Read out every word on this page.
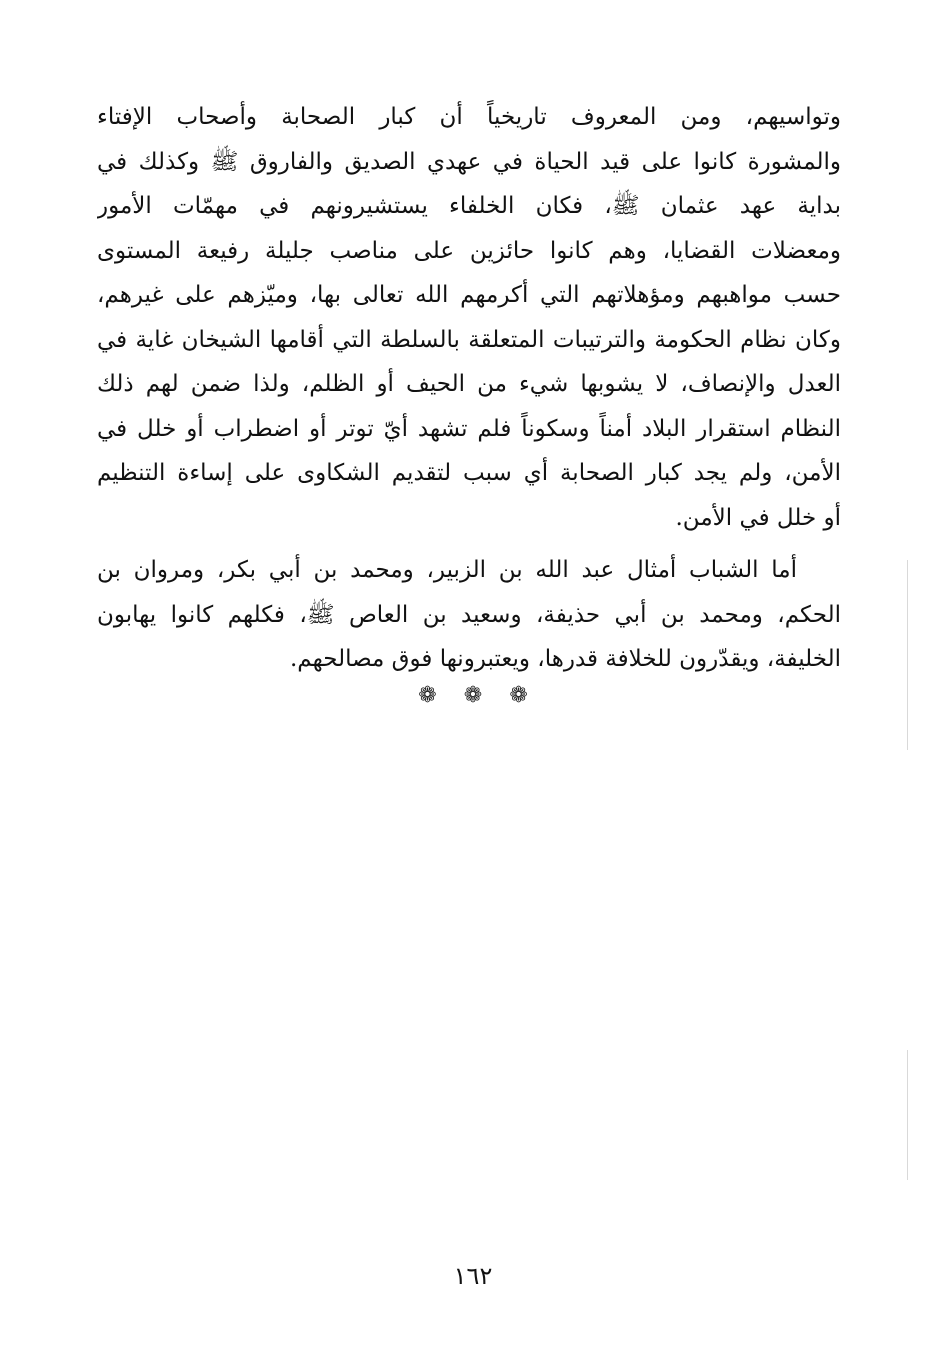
وتواسيهم، ومن المعروف تاريخياً أن كبار الصحابة وأصحاب الإفتاء
والمشورة كانوا على قيد الحياة في عهدي الصديق والفاروق ﷺ وكذلك في
بداية عهد عثمان ﷺ، فكان الخلفاء يستشيرونهم في مهمّات الأمور
ومعضلات القضايا، وهم كانوا حائزين على مناصب جليلة رفيعة المستوى
حسب مواهبهم ومؤهلاتهم التي أكرمهم الله تعالى بها، وميّزهم على غيرهم،
وكان نظام الحكومة والترتيبات المتعلقة بالسلطة التي أقامها الشيخان غاية في
العدل والإنصاف، لا يشوبها شيء من الحيف أو الظلم، ولذا ضمن لهم ذلك
النظام استقرار البلاد أمناً وسكوناً فلم تشهد أيّ توتر أو اضطراب أو خلل في
الأمن، ولم يجد كبار الصحابة أي سبب لتقديم الشكاوى على إساءة التنظيم
أو خلل في الأمن.
أما الشباب أمثال عبد الله بن الزبير، ومحمد بن أبي بكر، ومروان بن
الحكم، ومحمد بن أبي حذيفة، وسعيد بن العاص ﷺ، فكلهم كانوا يهابون
الخليفة، ويقدّرون للخلافة قدرها، ويعتبرونها فوق مصالحهم.
❁ ❁ ❁
١٦٢
